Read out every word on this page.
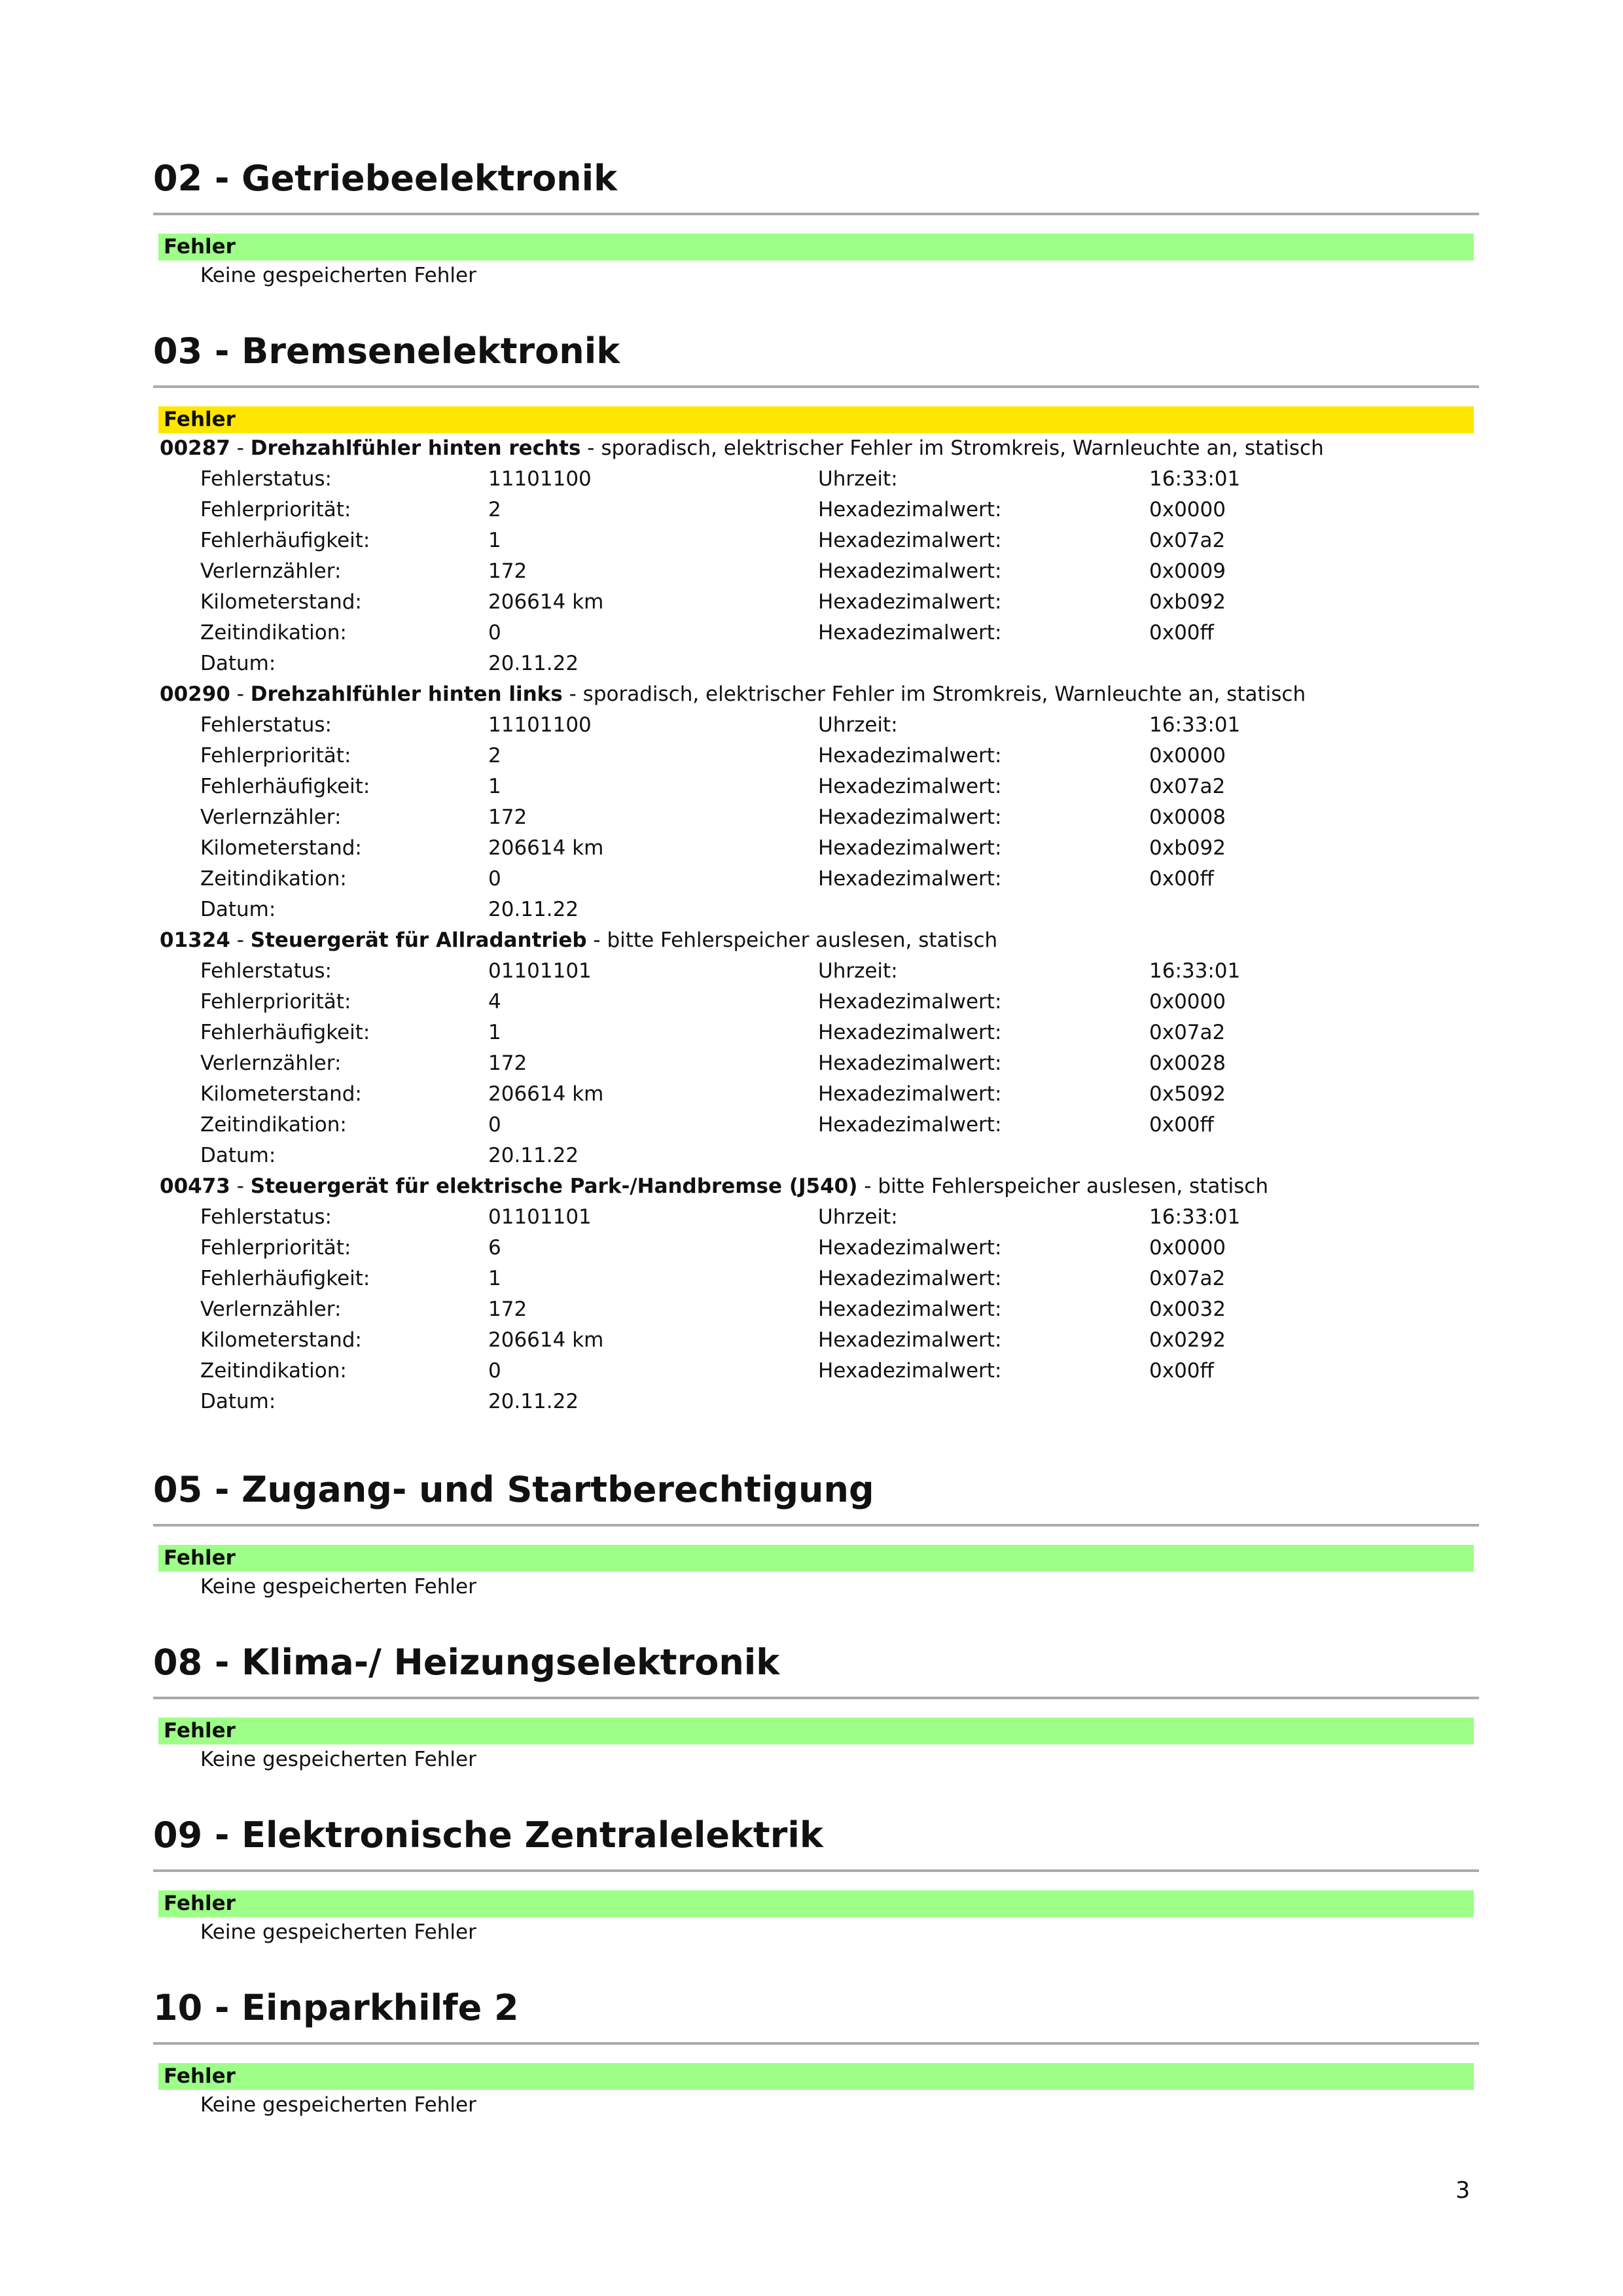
02 - Getriebeelektronik
Fehler
Keine gespeicherten Fehler
03 - Bremsenelektronik
Fehler
00287 - Drehzahlfühler hinten rechts - sporadisch, elektrischer Fehler im Stromkreis, Warnleuchte an, statisch
Fehlerstatus:	11101100	Uhrzeit:	16:33:01
Fehlerpriorität:	2	Hexadezimalwert:	0x0000
Fehlerhäufigkeit:	1	Hexadezimalwert:	0x07a2
Verlernzähler:	172	Hexadezimalwert:	0x0009
Kilometerstand:	206614 km	Hexadezimalwert:	0xb092
Zeitindikation:	0	Hexadezimalwert:	0x00ff
Datum:	20.11.22
00290 - Drehzahlfühler hinten links - sporadisch, elektrischer Fehler im Stromkreis, Warnleuchte an, statisch
Fehlerstatus:	11101100	Uhrzeit:	16:33:01
Fehlerpriorität:	2	Hexadezimalwert:	0x0000
Fehlerhäufigkeit:	1	Hexadezimalwert:	0x07a2
Verlernzähler:	172	Hexadezimalwert:	0x0008
Kilometerstand:	206614 km	Hexadezimalwert:	0xb092
Zeitindikation:	0	Hexadezimalwert:	0x00ff
Datum:	20.11.22
01324 - Steuergerät für Allradantrieb - bitte Fehlerspeicher auslesen, statisch
Fehlerstatus:	01101101	Uhrzeit:	16:33:01
Fehlerpriorität:	4	Hexadezimalwert:	0x0000
Fehlerhäufigkeit:	1	Hexadezimalwert:	0x07a2
Verlernzähler:	172	Hexadezimalwert:	0x0028
Kilometerstand:	206614 km	Hexadezimalwert:	0x5092
Zeitindikation:	0	Hexadezimalwert:	0x00ff
Datum:	20.11.22
00473 - Steuergerät für elektrische Park-/Handbremse (J540) - bitte Fehlerspeicher auslesen, statisch
Fehlerstatus:	01101101	Uhrzeit:	16:33:01
Fehlerpriorität:	6	Hexadezimalwert:	0x0000
Fehlerhäufigkeit:	1	Hexadezimalwert:	0x07a2
Verlernzähler:	172	Hexadezimalwert:	0x0032
Kilometerstand:	206614 km	Hexadezimalwert:	0x0292
Zeitindikation:	0	Hexadezimalwert:	0x00ff
Datum:	20.11.22
05 - Zugang- und Startberechtigung
Fehler
Keine gespeicherten Fehler
08 - Klima-/ Heizungselektronik
Fehler
Keine gespeicherten Fehler
09 - Elektronische Zentralelektrik
Fehler
Keine gespeicherten Fehler
10 - Einparkhilfe 2
Fehler
Keine gespeicherten Fehler
3
